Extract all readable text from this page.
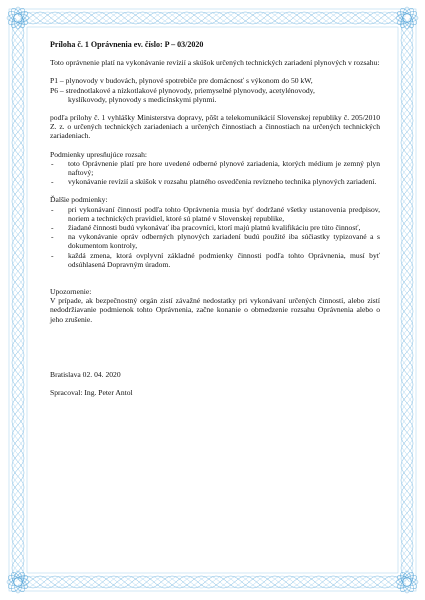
Príloha č. 1 Oprávnenia ev. číslo: P – 03/2020

Toto oprávnenie platí na vykonávanie revízií a skúšok určených technických zariadení plynových v rozsahu:

P1 – plynovody v budovách, plynové spotrebiče pre domácnosť s výkonom do 50 kW,

P6 – strednotlakové a nízkotlakové plynovody, priemyselné plynovody, acetylénovody,

kyslíkovody, plynovody s medicínskymi plynmi.

podľa prílohy č. 1 vyhlášky Ministerstva dopravy, pôšt a telekomunikácií Slovenskej republiky č. 205/2010 Z. z. o určených technických zariadeniach a určených činnostiach a činnostiach na určených technických zariadeniach.

Podmienky upresňujúce rozsah:

- toto Oprávnenie platí pre hore uvedené odberné plynové zariadenia, ktorých médium je zemný plyn naftový;
- vykonávanie revízií a skúšok v rozsahu platného osvedčenia revízneho technika plynových zariadení.

Ďalšie podmienky:

- pri vykonávaní činností podľa tohto Oprávnenia musia byť dodržané všetky ustanovenia predpisov, noriem a technických pravidiel, ktoré sú platné v Slovenskej republike,
- žiadané činnosti budú vykonávať iba pracovníci, ktorí majú platnú kvalifikáciu pre túto činnosť,
- na vykonávanie opráv odberných plynových zariadení budú použité iba súčiastky typizované a s dokumentom kontroly,
- každá zmena, ktorá ovplyvní základné podmienky činnosti podľa tohto Oprávnenia, musí byť odsúhlasená Dopravným úradom.

Upozornenie:

V prípade, ak bezpečnostný orgán zistí závažné nedostatky pri vykonávaní určených činností, alebo zistí nedodržiavanie podmienok tohto Oprávnenia, začne konanie o obmedzenie rozsahu Oprávnenia alebo o jeho zrušenie.

Bratislava 02. 04. 2020

Spracoval: Ing. Peter Antol
